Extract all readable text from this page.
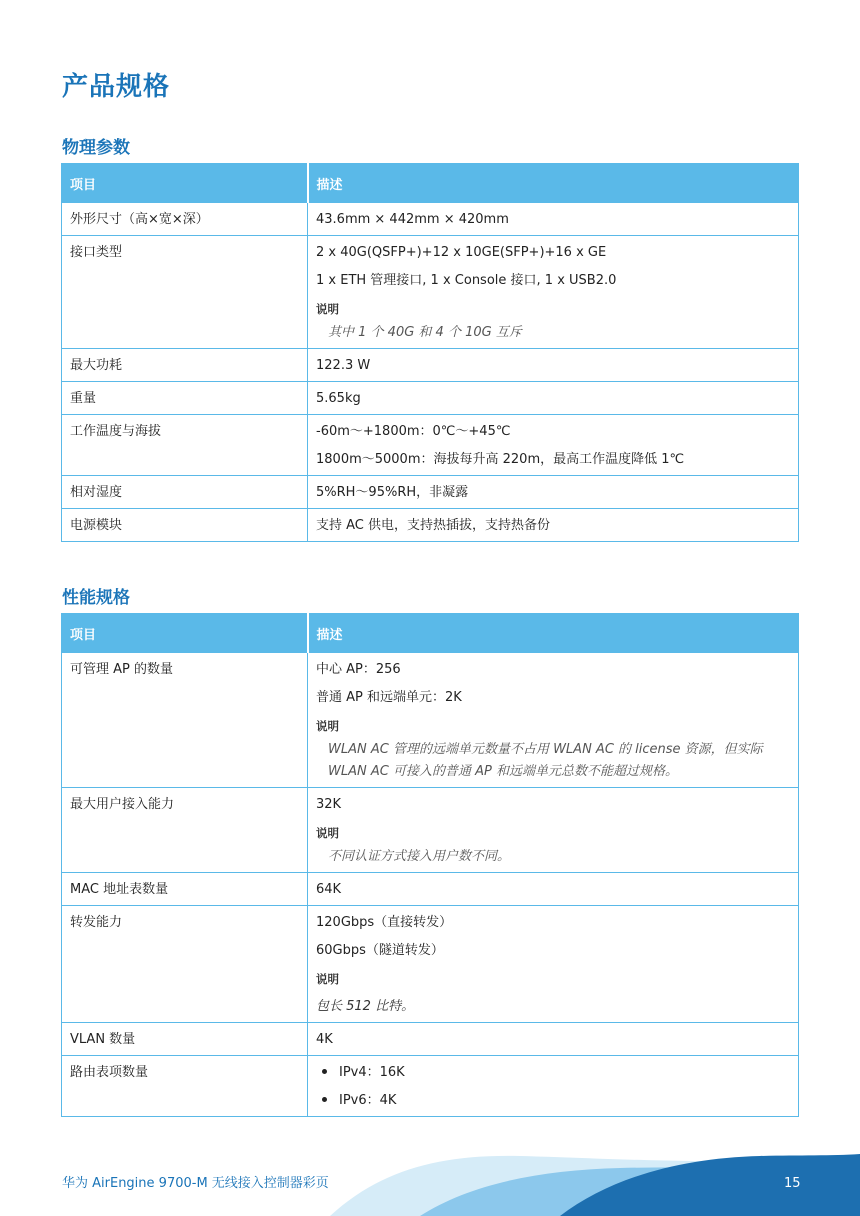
产品规格
物理参数
项目	描述
外形尺寸（高×宽×深）	43.6mm × 442mm × 420mm

接口类型	2 x 40G(QSFP+)+12 x 10GE(SFP+)+16 x GE
1 x ETH 管理接口, 1 x Console 接口, 1 x USB2.0
说明
其中 1 个 40G 和 4 个 10G 互斥

最大功耗	122.3 W

重量	5.65kg

工作温度与海拔	-60m～+1800m：0℃～+45℃
1800m～5000m：海拔每升高 220m，最高工作温度降低 1℃

相对湿度	5%RH～95%RH，非凝露

电源模块	支持 AC 供电，支持热插拔，支持热备份
性能规格
项目	描述
可管理 AP 的数量	中心 AP：256
普通 AP 和远端单元：2K
说明
WLAN AC 管理的远端单元数量不占用 WLAN AC 的 license 资源，但实际
WLAN AC 可接入的普通 AP 和远端单元总数不能超过规格。

最大用户接入能力	32K
说明
不同认证方式接入用户数不同。

MAC 地址表数量	64K

转发能力	120Gbps（直接转发）
60Gbps（隧道转发）
说明
包长 512 比特。

VLAN 数量	4K

路由表项数量	IPv4：16K
IPv6：4K
华为 AirEngine 9700-M 无线接入控制器彩页	15
